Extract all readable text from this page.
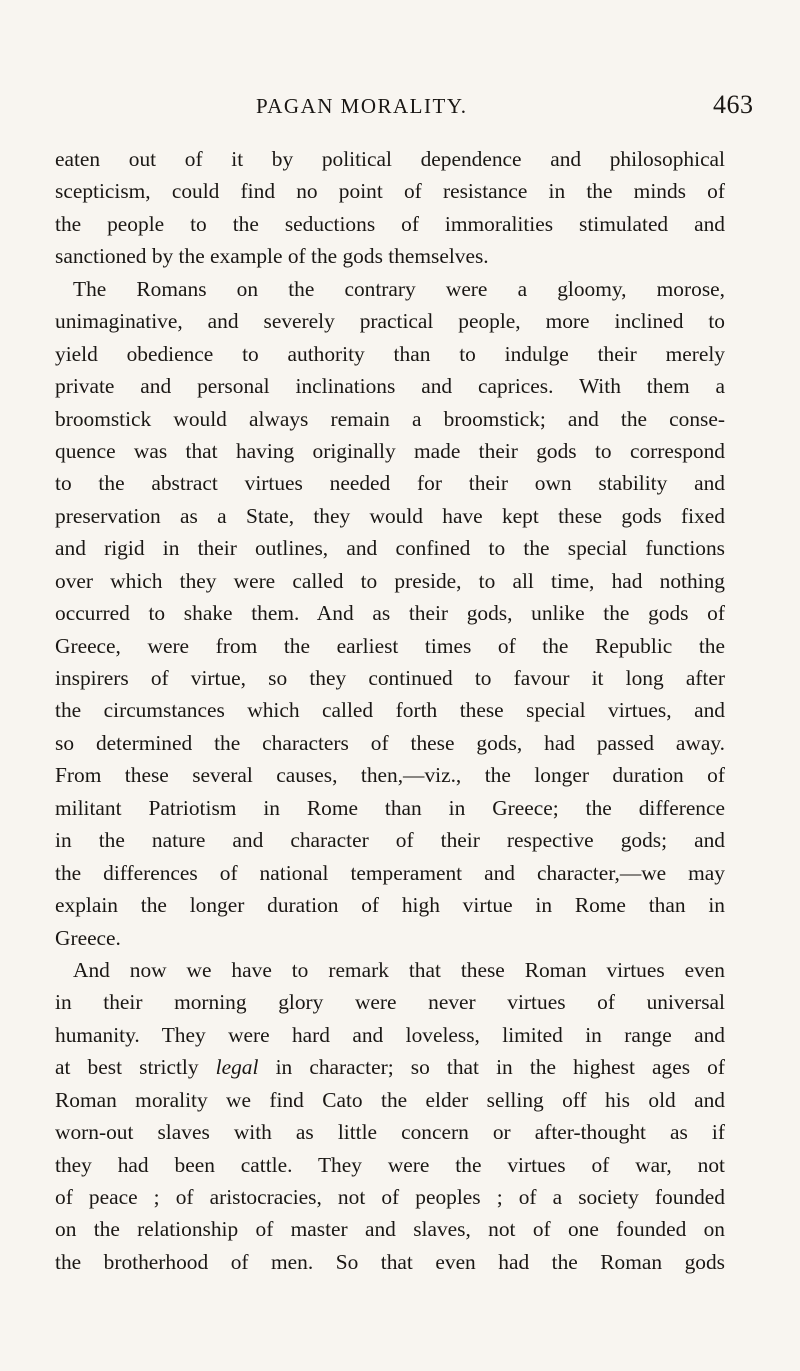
PAGAN MORALITY.	463
eaten out of it by political dependence and philosophical
scepticism, could find no point of resistance in the minds of
the people to the seductions of immoralities stimulated and
sanctioned by the example of the gods themselves.
The Romans on the contrary were a gloomy, morose,
unimaginative, and severely practical people, more inclined to
yield obedience to authority than to indulge their merely
private and personal inclinations and caprices. With them a
broomstick would always remain a broomstick; and the conse-
quence was that having originally made their gods to correspond
to the abstract virtues needed for their own stability and
preservation as a State, they would have kept these gods fixed
and rigid in their outlines, and confined to the special functions
over which they were called to preside, to all time, had nothing
occurred to shake them. And as their gods, unlike the gods of
Greece, were from the earliest times of the Republic the
inspirers of virtue, so they continued to favour it long after
the circumstances which called forth these special virtues, and
so determined the characters of these gods, had passed away.
From these several causes, then,—viz., the longer duration of
militant Patriotism in Rome than in Greece; the difference
in the nature and character of their respective gods; and
the differences of national temperament and character,—we may
explain the longer duration of high virtue in Rome than in
Greece.
And now we have to remark that these Roman virtues even
in their morning glory were never virtues of universal
humanity. They were hard and loveless, limited in range and
at best strictly legal in character; so that in the highest ages of
Roman morality we find Cato the elder selling off his old and
worn-out slaves with as little concern or after-thought as if
they had been cattle. They were the virtues of war, not
of peace ; of aristocracies, not of peoples ; of a society founded
on the relationship of master and slaves, not of one founded on
the brotherhood of men. So that even had the Roman gods
